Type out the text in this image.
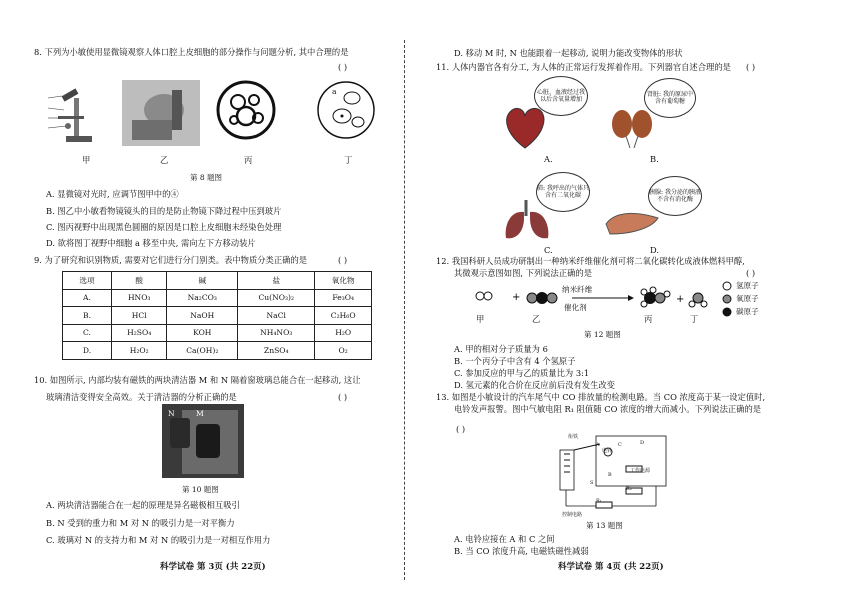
8. 下列为小敏使用显微镜观察人体口腔上皮细胞的部分操作与问题分析, 其中合理的是
( )
a
甲	乙	丙	丁
第 8 题图
A. 显微镜对光时, 应调节图甲中的④
B. 图乙中小敏看物镜镜头的目的是防止物镜下降过程中压到玻片
C. 图丙视野中出现黑色圆圈的原因是口腔上皮细胞未经染色处理
D. 欲将图丁视野中细胞 a 移至中央, 需向左下方移动装片
9. 为了研究和识别物质, 需要对它们进行分门别类。表中物质分类正确的是	( )
选项	酸	碱	盐	氧化物
A.	HNO₃	Na₂CO₃	Cu(NO₃)₂	Fe₃O₄
B.	HCl	NaOH	NaCl	C₂H₆O
C.	H₂SO₄	KOH	NH₄NO₃	H₂O
D.	H₂O₂	Ca(OH)₂	ZnSO₄	O₂
10. 如图所示, 内部均装有磁铁的两块清洁器 M 和 N 隔着窗玻璃总能合在一起移动, 这让
玻璃清洁变得安全高效。关于清洁器的分析正确的是	( )
N	M
第 10 题图
A. 两块清洁器能合在一起的原理是异名磁极相互吸引
B. N 受到的重力和 M 对 N 的吸引力是一对平衡力
C. 玻璃对 N 的支持力和 M 对 N 的吸引力是一对相互作用力
科学试卷 第 3页 (共 22页)
D. 移动 M 时, N 也能跟着一起移动, 说明力能改变物体的形状
11. 人体内器官各有分工, 为人体的正常运行发挥着作用。下列器官自述合理的是 ( )
心脏、血液经过我以后含氧量增加
A.
肾脏: 我的原尿中含有葡萄糖
B.
肺: 我呼出的气体只含有二氧化碳
C.
胰腺: 我分泌的胰液不含有消化酶
D.
12. 我国科研人员成功研制出一种纳米纤维催化剂可将二氧化碳转化成液体燃料甲醇,
其微观示意图如图, 下列说法正确的是	( )
+	+
纳米纤维
催化剂
甲	乙	丙	丁
氢原子
氧原子
碳原子
第 12 题图
A. 甲的相对分子质量为 6
B. 一个丙分子中含有 4 个氢原子
C. 参加反应的甲与乙的质量比为 3:1
D. 氢元素的化合价在反应前后没有发生改变
13. 如图是小敏设计的汽车尾气中 CO 排放量的检测电路。当 CO 浓度高于某一设定值时,
电铃发声报警。图中气敏电阻 R₁ 阻值随 CO 浓度的增大而减小。下列说法正确的是
( )
衔铁
电铃
工作电源
控制电路
R₁
R₂
A
B
C	D
S
第 13 题图
A. 电铃应接在 A 和 C 之间
B. 当 CO 浓度升高, 电磁铁磁性减弱
科学试卷 第 4页 (共 22页)
